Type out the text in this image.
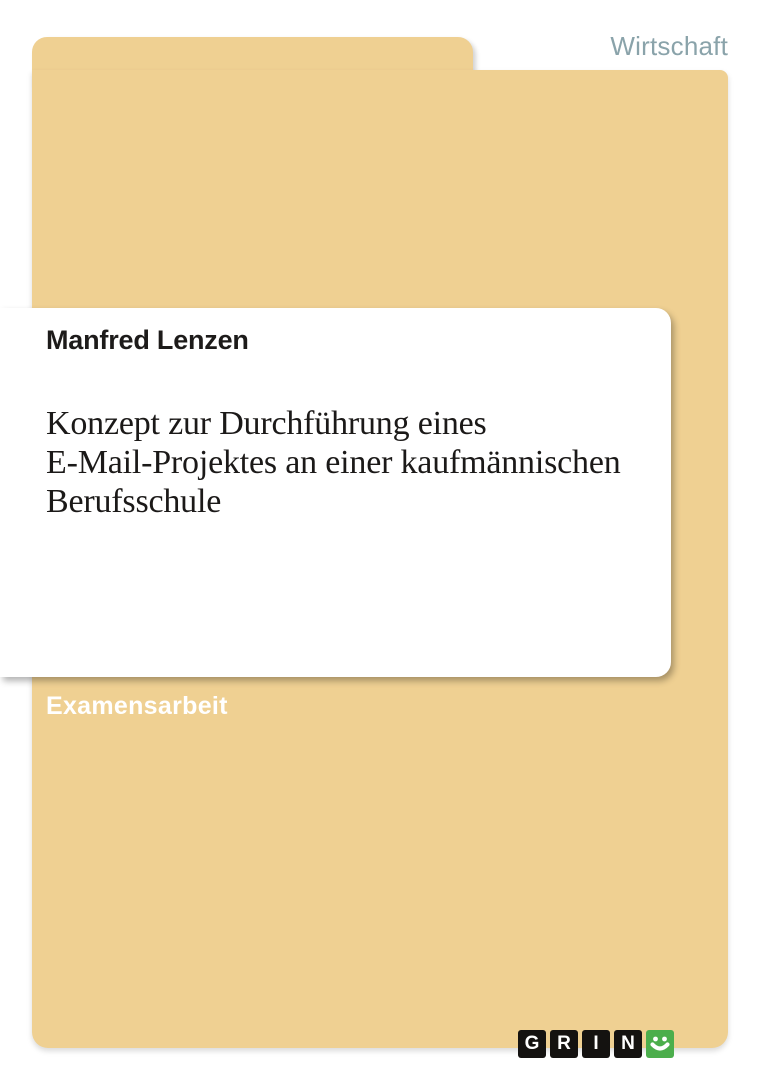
Wirtschaft
Manfred Lenzen
Konzept zur Durchführung eines
E-Mail-Projektes an einer kaufmännischen
Berufsschule
Examensarbeit
G R	I	N
